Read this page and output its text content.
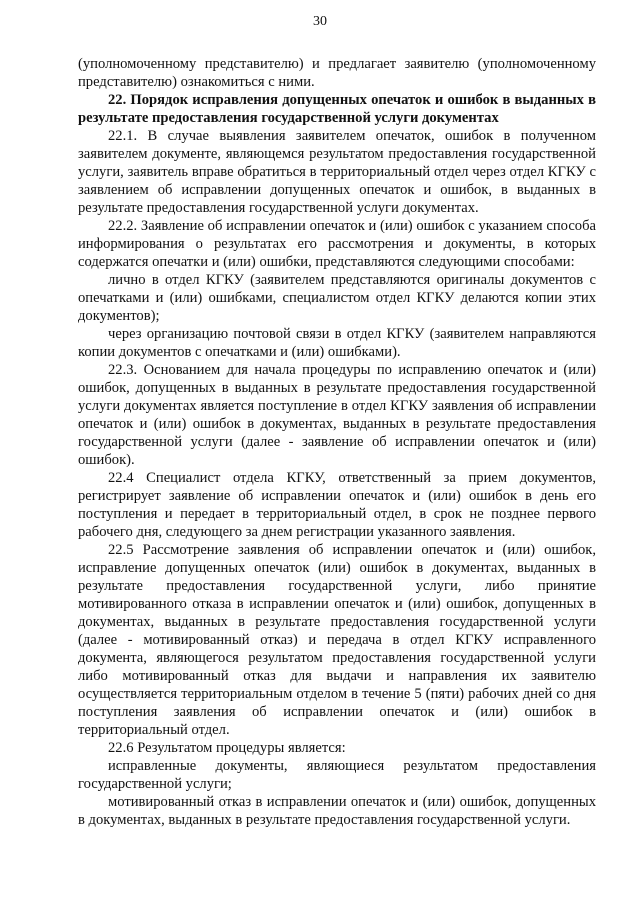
30

(уполномоченному представителю) и предлагает заявителю (уполномоченному представителю) ознакомиться с ними.

22. Порядок исправления допущенных опечаток и ошибок в выданных в результате предоставления государственной услуги документах

22.1. В случае выявления заявителем опечаток, ошибок в полученном заявителем документе, являющемся результатом предоставления государственной услуги, заявитель вправе обратиться в территориальный отдел через отдел КГКУ с заявлением об исправлении допущенных опечаток и ошибок, в выданных в результате предоставления государственной услуги документах.

22.2. Заявление об исправлении опечаток и (или) ошибок с указанием способа информирования о результатах его рассмотрения и документы, в которых содержатся опечатки и (или) ошибки, представляются следующими способами:

лично в отдел КГКУ (заявителем представляются оригиналы документов с опечатками и (или) ошибками, специалистом отдел КГКУ делаются копии этих документов);

через организацию почтовой связи в отдел КГКУ (заявителем направляются копии документов с опечатками и (или) ошибками).

22.3. Основанием для начала процедуры по исправлению опечаток и (или) ошибок, допущенных в выданных в результате предоставления государственной услуги документах является поступление в отдел КГКУ заявления об исправлении опечаток и (или) ошибок в документах, выданных в результате предоставления государственной услуги (далее - заявление об исправлении опечаток и (или) ошибок).

22.4 Специалист отдела КГКУ, ответственный за прием документов, регистрирует заявление об исправлении опечаток и (или) ошибок в день его поступления и передает в территориальный отдел, в срок не позднее первого рабочего дня, следующего за днем регистрации указанного заявления.

22.5 Рассмотрение заявления об исправлении опечаток и (или) ошибок, исправление допущенных опечаток (или) ошибок в документах, выданных в результате предоставления государственной услуги, либо принятие мотивированного отказа в исправлении опечаток и (или) ошибок, допущенных в документах, выданных в результате предоставления государственной услуги (далее - мотивированный отказ) и передача в отдел КГКУ исправленного документа, являющегося результатом предоставления государственной услуги либо мотивированный отказ для выдачи и направления их заявителю осуществляется территориальным отделом в течение 5 (пяти) рабочих дней со дня поступления заявления об исправлении опечаток и (или) ошибок в территориальный отдел.

22.6 Результатом процедуры является:

исправленные документы, являющиеся результатом предоставления государственной услуги;

мотивированный отказ в исправлении опечаток и (или) ошибок, допущенных в документах, выданных в результате предоставления государственной услуги.
